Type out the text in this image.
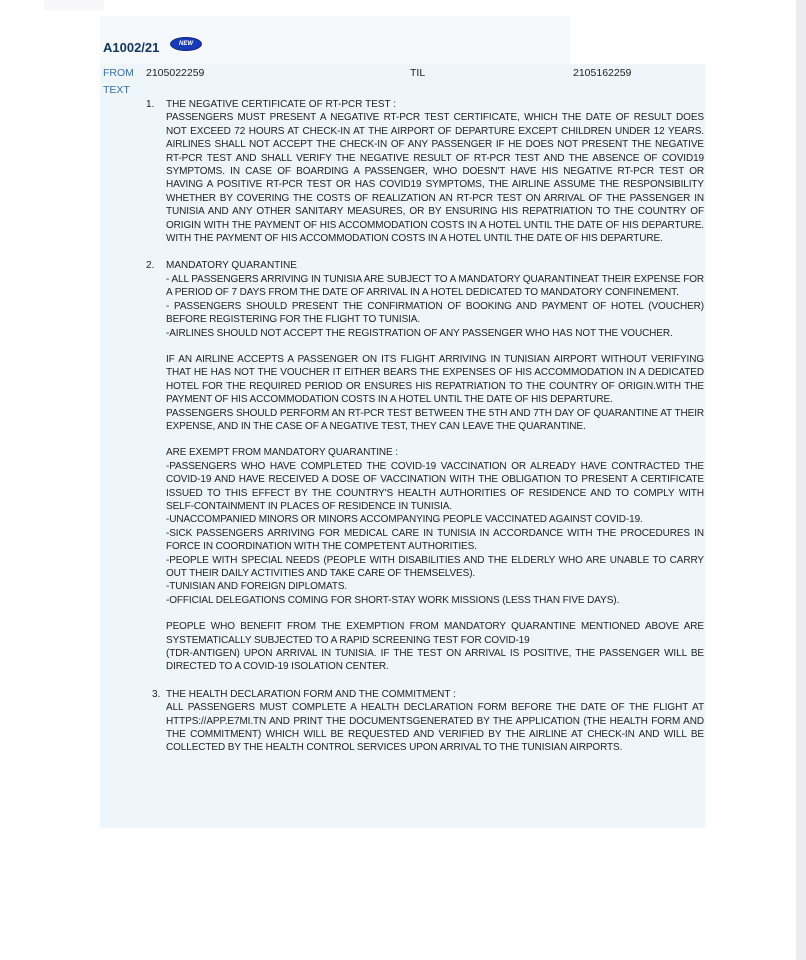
A1002/21	NEW
FROM 2105022259	TIL	2105162259
TEXT
1.	THE NEGATIVE CERTIFICATE OF RT-PCR TEST :
PASSENGERS MUST PRESENT A NEGATIVE RT-PCR TEST CERTIFICATE, WHICH THE DATE OF RESULT DOES NOT EXCEED 72 HOURS AT CHECK-IN AT THE AIRPORT OF DEPARTURE EXCEPT CHILDREN UNDER 12 YEARS. AIRLINES SHALL NOT ACCEPT THE CHECK-IN OF ANY PASSENGER IF HE DOES NOT PRESENT THE NEGATIVE RT-PCR TEST AND SHALL VERIFY THE NEGATIVE RESULT OF RT-PCR TEST AND THE ABSENCE OF COVID19 SYMPTOMS. IN CASE OF BOARDING A PASSENGER, WHO DOESN'T HAVE HIS NEGATIVE RT-PCR TEST OR HAVING A POSITIVE RT-PCR TEST OR HAS COVID19 SYMPTOMS, THE AIRLINE ASSUME THE RESPONSIBILITY WHETHER BY COVERING THE COSTS OF REALIZATION AN RT-PCR TEST ON ARRIVAL OF THE PASSENGER IN TUNISIA AND ANY OTHER SANITARY MEASURES, OR BY ENSURING HIS REPATRIATION TO THE COUNTRY OF ORIGIN WITH THE PAYMENT OF HIS ACCOMMODATION COSTS IN A HOTEL UNTIL THE DATE OF HIS DEPARTURE. WITH THE PAYMENT OF HIS ACCOMMODATION COSTS IN A HOTEL UNTIL THE DATE OF HIS DEPARTURE.
2.	MANDATORY QUARANTINE
- ALL PASSENGERS ARRIVING IN TUNISIA ARE SUBJECT TO A MANDATORY QUARANTINEAT THEIR EXPENSE FOR A PERIOD OF 7 DAYS FROM THE DATE OF ARRIVAL IN A HOTEL DEDICATED TO MANDATORY CONFINEMENT.
- PASSENGERS SHOULD PRESENT THE CONFIRMATION OF BOOKING AND PAYMENT OF HOTEL (VOUCHER) BEFORE REGISTERING FOR THE FLIGHT TO TUNISIA.
-AIRLINES SHOULD NOT ACCEPT THE REGISTRATION OF ANY PASSENGER WHO HAS NOT THE VOUCHER.
IF AN AIRLINE ACCEPTS A PASSENGER ON ITS FLIGHT ARRIVING IN TUNISIAN AIRPORT WITHOUT VERIFYING THAT HE HAS NOT THE VOUCHER IT EITHER BEARS THE EXPENSES OF HIS ACCOMMODATION IN A DEDICATED HOTEL FOR THE REQUIRED PERIOD OR ENSURES HIS REPATRIATION TO THE COUNTRY OF ORIGIN.WITH THE PAYMENT OF HIS ACCOMMODATION COSTS IN A HOTEL UNTIL THE DATE OF HIS DEPARTURE.
PASSENGERS SHOULD PERFORM AN RT-PCR TEST BETWEEN THE 5TH AND 7TH DAY OF QUARANTINE AT THEIR EXPENSE, AND IN THE CASE OF A NEGATIVE TEST, THEY CAN LEAVE THE QUARANTINE.
ARE EXEMPT FROM MANDATORY QUARANTINE :
-PASSENGERS WHO HAVE COMPLETED THE COVID-19 VACCINATION OR ALREADY HAVE CONTRACTED THE COVID-19 AND HAVE RECEIVED A DOSE OF VACCINATION WITH THE OBLIGATION TO PRESENT A CERTIFICATE ISSUED TO THIS EFFECT BY THE COUNTRY'S HEALTH AUTHORITIES OF RESIDENCE AND TO COMPLY WITH SELF-CONTAINMENT IN PLACES OF RESIDENCE IN TUNISIA.
-UNACCOMPANIED MINORS OR MINORS ACCOMPANYING PEOPLE VACCINATED AGAINST COVID-19.
-SICK PASSENGERS ARRIVING FOR MEDICAL CARE IN TUNISIA IN ACCORDANCE WITH THE PROCEDURES IN FORCE IN COORDINATION WITH THE COMPETENT AUTHORITIES.
-PEOPLE WITH SPECIAL NEEDS (PEOPLE WITH DISABILITIES AND THE ELDERLY WHO ARE UNABLE TO CARRY OUT THEIR DAILY ACTIVITIES AND TAKE CARE OF THEMSELVES).
-TUNISIAN AND FOREIGN DIPLOMATS.
-OFFICIAL DELEGATIONS COMING FOR SHORT-STAY WORK MISSIONS (LESS THAN FIVE DAYS).
PEOPLE WHO BENEFIT FROM THE EXEMPTION FROM MANDATORY QUARANTINE MENTIONED ABOVE ARE SYSTEMATICALLY SUBJECTED TO A RAPID SCREENING TEST FOR COVID-19
(TDR-ANTIGEN) UPON ARRIVAL IN TUNISIA. IF THE TEST ON ARRIVAL IS POSITIVE, THE PASSENGER WILL BE DIRECTED TO A COVID-19 ISOLATION CENTER.
3. THE HEALTH DECLARATION FORM AND THE COMMITMENT :
ALL PASSENGERS MUST COMPLETE A HEALTH DECLARATION FORM BEFORE THE DATE OF THE FLIGHT AT HTTPS://APP.E7MI.TN AND PRINT THE DOCUMENTSGENERATED BY THE APPLICATION (THE HEALTH FORM AND THE COMMITMENT) WHICH WILL BE REQUESTED AND VERIFIED BY THE AIRLINE AT CHECK-IN AND WILL BE COLLECTED BY THE HEALTH CONTROL SERVICES UPON ARRIVAL TO THE TUNISIAN AIRPORTS.
